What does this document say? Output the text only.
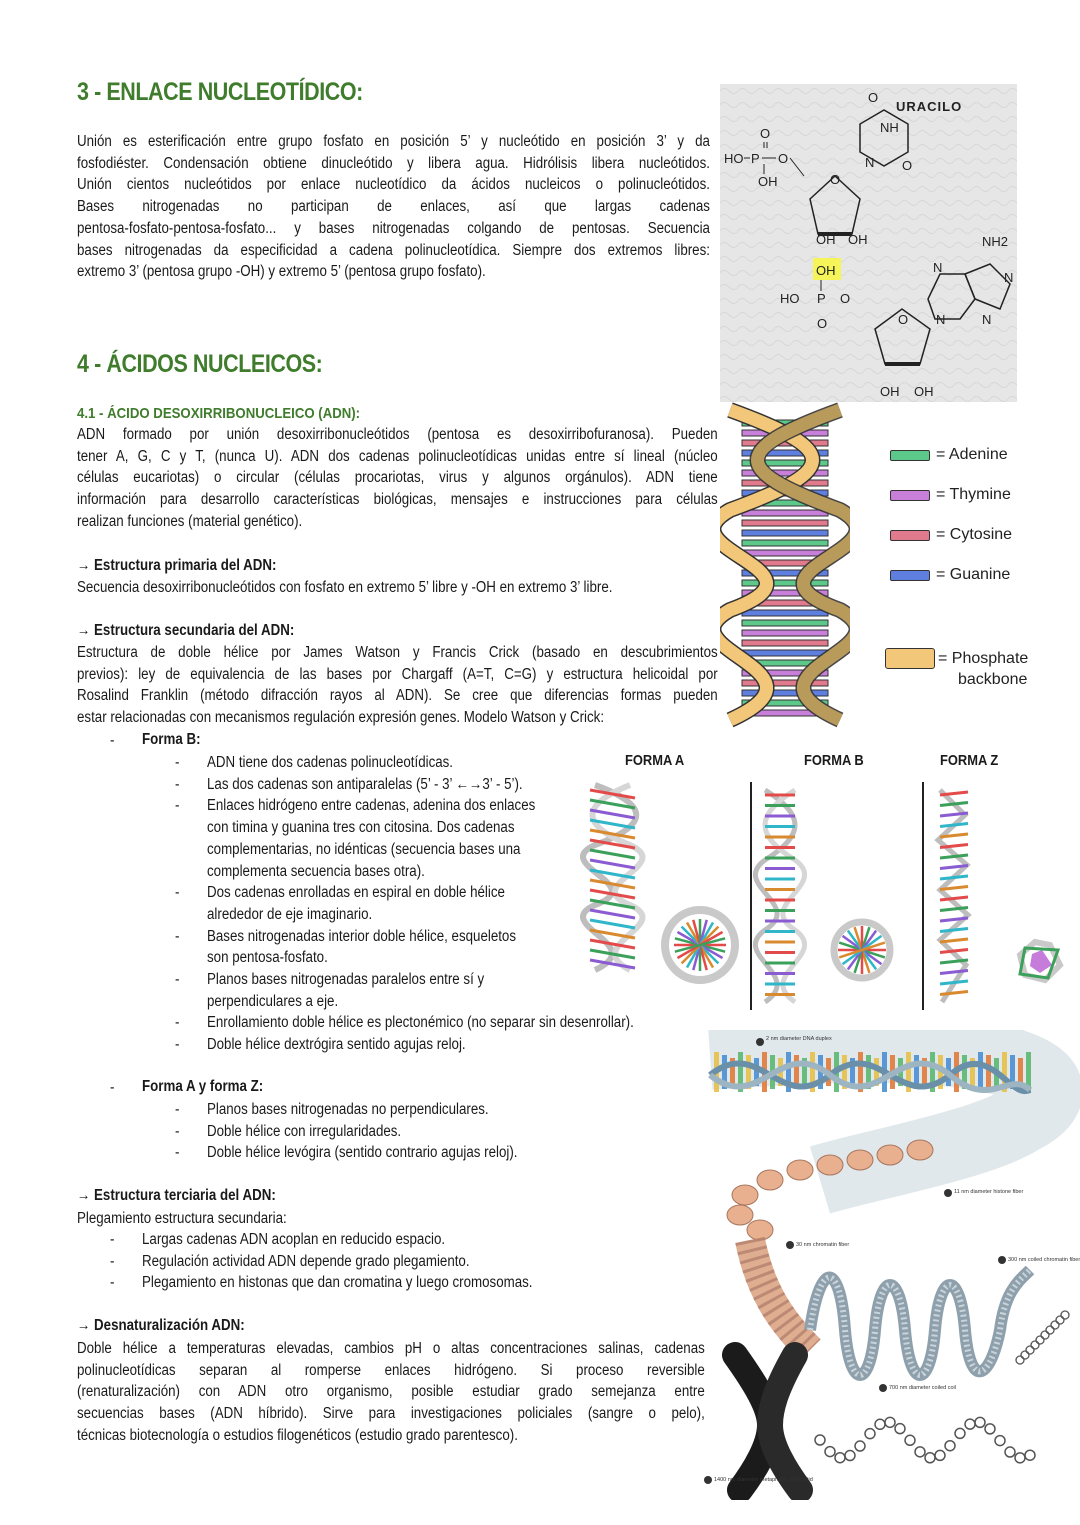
3 - ENLACE NUCLEOTÍDICO:
Unión es esterificación entre grupo fosfato en posición 5’ y nucleótido en posición 3’ y da
fosfodiéster. Condensación obtiene dinucleótido y libera agua. Hidrólisis libera nucleótidos.
Unión cientos nucleótidos por enlace nucleotídico da ácidos nucleicos o polinucleótidos.
Bases nitrogenadas no participan de enlaces, así que largas cadenas
pentosa-fosfato-pentosa-fosfato... y bases nitrogenadas colgando de pentosas. Secuencia
bases nitrogenadas da especificidad a cadena polinucleotídica. Siempre dos extremos libres:
extremo 3’ (pentosa grupo -OH) y extremo 5’ (pentosa grupo fosfato).
HO P O
O
OH	O
OH OH
O
NH
N O
URACILO
OH
HO P O
O	O
OH OH
NH2
N
N
N
N
4 - ÁCIDOS NUCLEICOS:
4.1 - ÁCIDO DESOXIRRIBONUCLEICO (ADN):
ADN formado por unión desoxirribonucleótidos (pentosa es desoxirribofuranosa). Pueden
tener A, G, C y T, (nunca U). ADN dos cadenas polinucleotídicas unidas entre sí lineal (núcleo
células eucariotas) o circular (células procariotas, virus y algunos orgánulos). ADN tiene
información para desarrollo características biológicas, mensajes e instrucciones para células
realizan funciones (material genético).
→ Estructura primaria del ADN:
Secuencia desoxirribonucleótidos con fosfato en extremo 5’ libre y -OH en extremo 3’ libre.
→ Estructura secundaria del ADN:
Estructura de doble hélice por James Watson y Francis Crick (basado en descubrimientos
previos): ley de equivalencia de las bases por Chargaff (A=T, C=G) y estructura helicoidal por
Rosalind Franklin (método difracción rayos al ADN). Se cree que diferencias formas pueden
estar relacionadas con mecanismos regulación expresión genes. Modelo Watson y Crick:
- Forma B:
- ADN tiene dos cadenas polinucleotídicas.
- Las dos cadenas son antiparalelas (5’ - 3’ ←→3’ - 5’).
- Enlaces hidrógeno entre cadenas, adenina dos enlaces
con timina y guanina tres con citosina. Dos cadenas
complementarias, no idénticas (secuencia bases una
complementa secuencia bases otra).
- Dos cadenas enrolladas en espiral en doble hélice
alrededor de eje imaginario.
- Bases nitrogenadas interior doble hélice, esqueletos
son pentosa-fosfato.
- Planos bases nitrogenadas paralelos entre sí y
perpendiculares a eje.
- Enrollamiento doble hélice es plectonémico (no separar sin desenrollar).
- Doble hélice dextrógira sentido agujas reloj.
- Forma A y forma Z:
- Planos bases nitrogenadas no perpendiculares.
- Doble hélice con irregularidades.
- Doble hélice levógira (sentido contrario agujas reloj).
→ Estructura terciaria del ADN:
Plegamiento estructura secundaria:
- Largas cadenas ADN acoplan en reducido espacio.
- Regulación actividad ADN depende grado plegamiento.
- Plegamiento en histonas que dan cromatina y luego cromosomas.
→ Desnaturalización ADN:
Doble hélice a temperaturas elevadas, cambios pH o altas concentraciones salinas, cadenas
polinucleotídicas separan al romperse enlaces hidrógeno. Si proceso reversible
(renaturalización) con ADN otro organismo, posible estudiar grado semejanza entre
secuencias bases (ADN híbrido). Sirve para investigaciones policiales (sangre o pelo),
técnicas biotecnología o estudios filogenéticos (estudio grado parentesco).
= Adenine
= Thymine
= Cytosine
= Guanine
= Phosphate
backbone
FORMA A	FORMA B	FORMA Z
2 nm diameter DNA duplex
11 nm diameter histone fiber
30 nm chromatin fiber
300 nm coiled chromatin fiber
700 nm diameter coiled coil
1400 nm diameter metaphase chromatid
